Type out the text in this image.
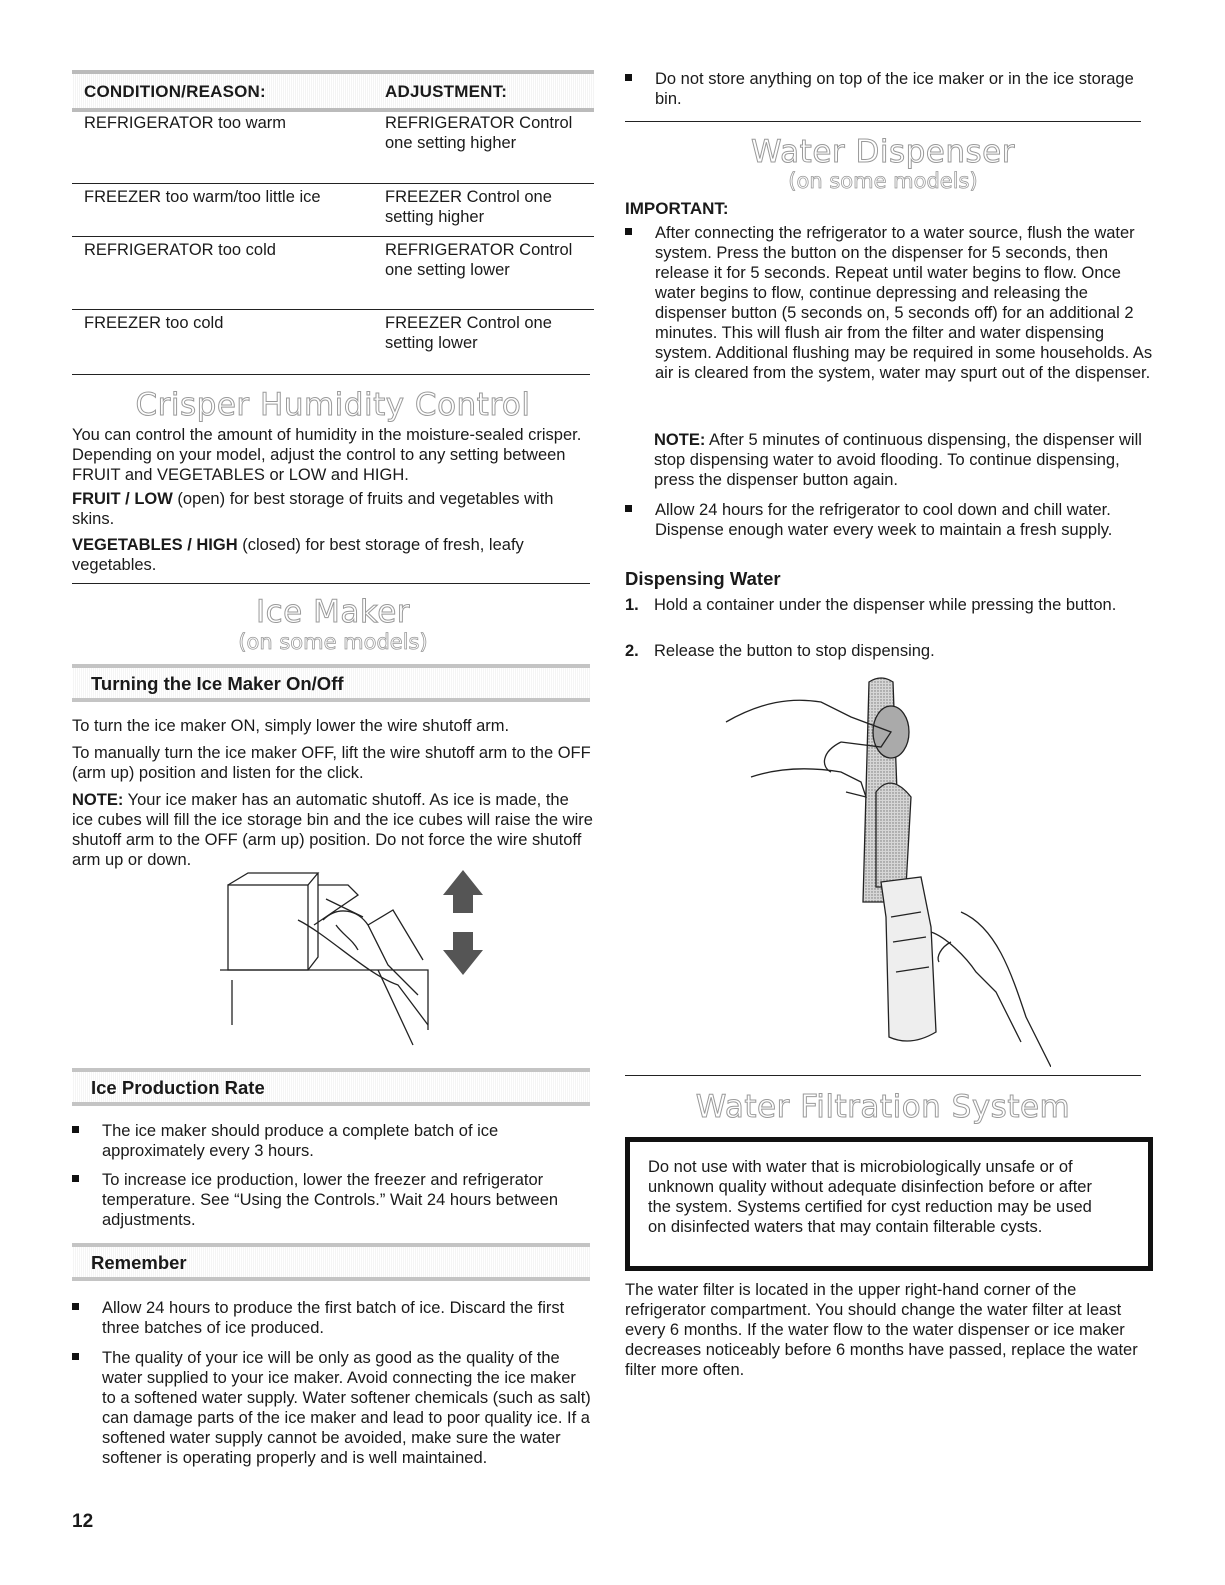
CONDITION/REASON:	ADJUSTMENT:
REFRIGERATOR too warm	REFRIGERATOR Control one setting higher
FREEZER too warm/too little ice	FREEZER Control one setting higher
REFRIGERATOR too cold	REFRIGERATOR Control one setting lower
FREEZER too cold	FREEZER Control one setting lower
Crisper Humidity Control

You can control the amount of humidity in the moisture-sealed crisper. Depending on your model, adjust the control to any setting between FRUIT and VEGETABLES or LOW and HIGH.

FRUIT / LOW (open) for best storage of fruits and vegetables with skins.

VEGETABLES / HIGH (closed) for best storage of fresh, leafy vegetables.

Ice Maker
(on some models)
Turning the Ice Maker On/Off

To turn the ice maker ON, simply lower the wire shutoff arm.

To manually turn the ice maker OFF, lift the wire shutoff arm to the OFF (arm up) position and listen for the click.

NOTE: Your ice maker has an automatic shutoff. As ice is made, the ice cubes will fill the ice storage bin and the ice cubes will raise the wire shutoff arm to the OFF (arm up) position. Do not force the wire shutoff arm up or down.

Ice Production Rate

The ice maker should produce a complete batch of ice approximately every 3 hours.

To increase ice production, lower the freezer and refrigerator temperature. See “Using the Controls.” Wait 24 hours between adjustments.

Remember

Allow 24 hours to produce the first batch of ice. Discard the first three batches of ice produced.

The quality of your ice will be only as good as the quality of the water supplied to your ice maker. Avoid connecting the ice maker to a softened water supply. Water softener chemicals (such as salt) can damage parts of the ice maker and lead to poor quality ice. If a softened water supply cannot be avoided, make sure the water softener is operating properly and is well maintained.

Do not store anything on top of the ice maker or in the ice storage bin.

Water Dispenser
(on some models)

IMPORTANT:

After connecting the refrigerator to a water source, flush the water system. Press the button on the dispenser for 5 seconds, then release it for 5 seconds. Repeat until water begins to flow. Once water begins to flow, continue depressing and releasing the dispenser button (5 seconds on, 5 seconds off) for an additional 2 minutes. This will flush air from the filter and water dispensing system. Additional flushing may be required in some households. As air is cleared from the system, water may spurt out of the dispenser.

NOTE: After 5 minutes of continuous dispensing, the dispenser will stop dispensing water to avoid flooding. To continue dispensing, press the dispenser button again.

Allow 24 hours for the refrigerator to cool down and chill water. Dispense enough water every week to maintain a fresh supply.

Dispensing Water

1. Hold a container under the dispenser while pressing the button.

2. Release the button to stop dispensing.

Water Filtration System

Do not use with water that is microbiologically unsafe or of unknown quality without adequate disinfection before or after the system. Systems certified for cyst reduction may be used on disinfected waters that may contain filterable cysts.

The water filter is located in the upper right-hand corner of the refrigerator compartment. You should change the water filter at least every 6 months. If the water flow to the water dispenser or ice maker decreases noticeably before 6 months have passed, replace the water filter more often.

12
